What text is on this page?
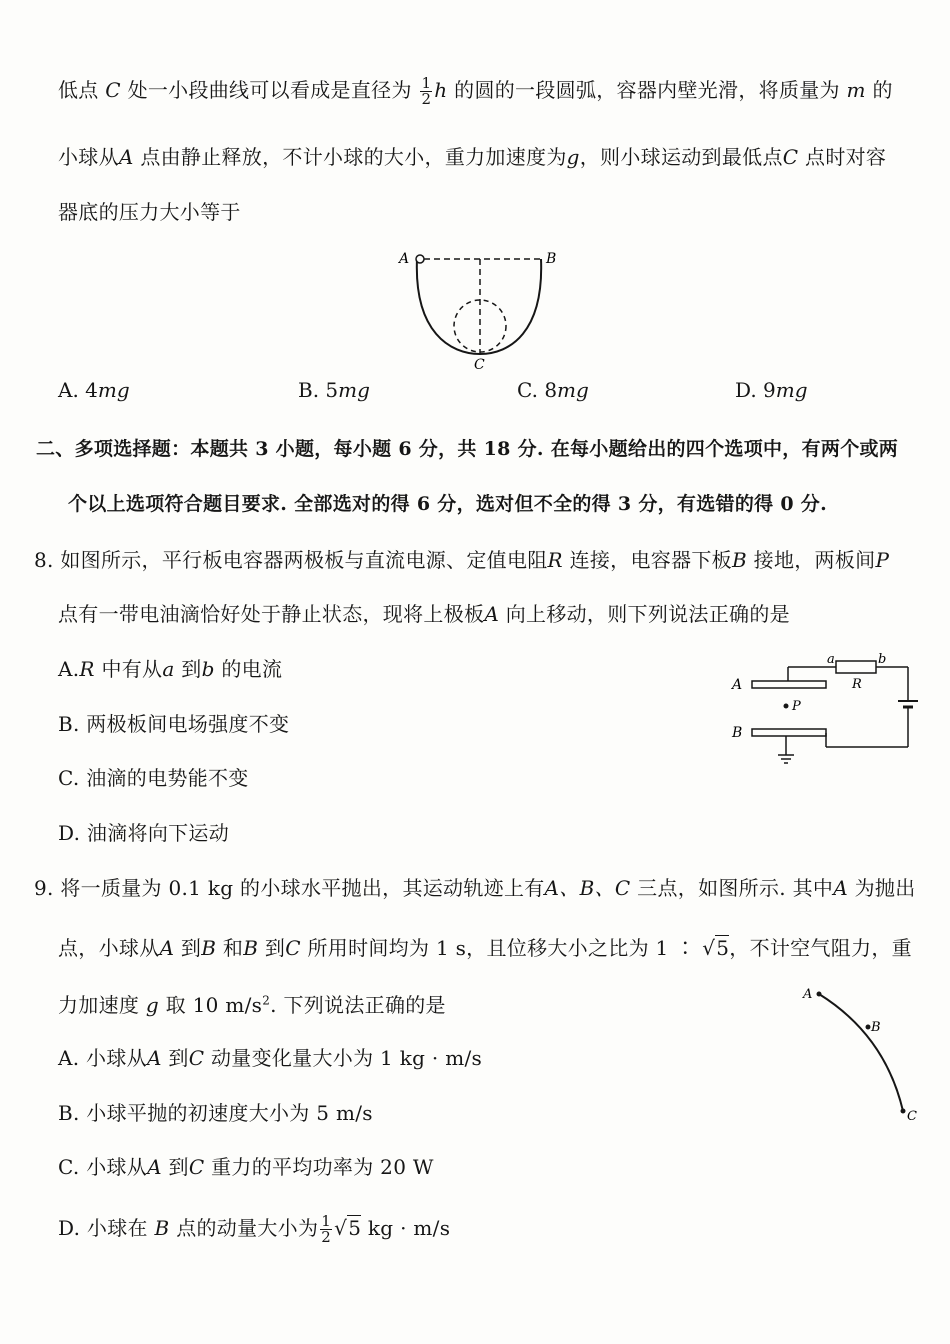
低点 C 处一小段曲线可以看成是直径为 $\frac{1}{2}$ h 的圆的一段圆弧，容器内壁光滑，将质量为 m 的
小球从A 点由静止释放，不计小球的大小，重力加速度为g，则小球运动到最低点C 点时对容
器底的压力大小等于
A	B
C
A. 4mg	B. 5mg	C. 8mg	D. 9mg
二、多项选择题：本题共 3 小题，每小题 6 分，共 18 分. 在每小题给出的四个选项中，有两个或两
个以上选项符合题目要求. 全部选对的得 6 分，选对但不全的得 3 分，有选错的得 0 分.
8. 如图所示，平行板电容器两极板与直流电源、定值电阻R 连接，电容器下板B 接地，两板间P
点有一带电油滴恰好处于静止状态，现将上极板A 向上移动，则下列说法正确的是
A.R 中有从a 到b 的电流
B. 两极板间电场强度不变
C. 油滴的电势能不变
D. 油滴将向下运动
P
A
B
a	b
R
9. 将一质量为 0.1 kg 的小球水平抛出，其运动轨迹上有A、B、C 三点，如图所示. 其中A 为抛出
点，小球从A 到B 和B 到C 所用时间均为 1 s，且位移大小之比为 1 ∶ √5，不计空气阻力，重
力加速度 g 取 10 $m/s^2$. 下列说法正确的是
A. 小球从A 到C 动量变化量大小为 1 kg · m/s
B. 小球平抛的初速度大小为 5 m/s
C. 小球从A 到C 重力的平均功率为 20 W
D. 小球在 B 点的动量大小为 $\frac{1}{2} √5$ kg · m/s
A
B
C
